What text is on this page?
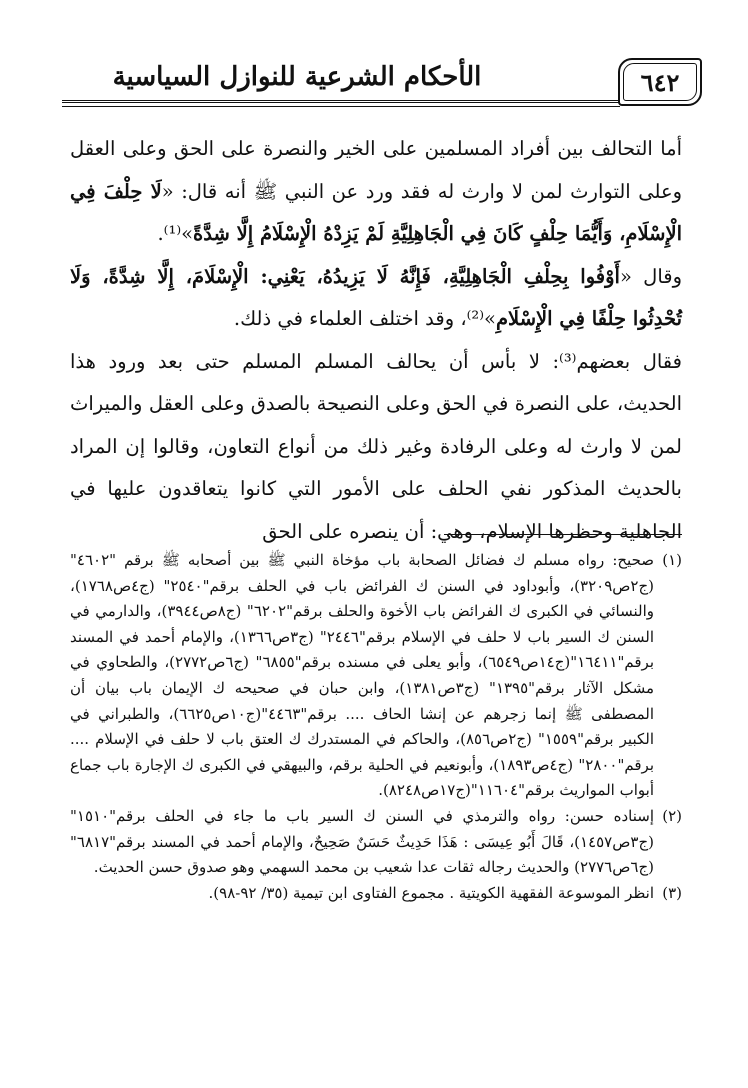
٦٤٢
الأحكام الشرعية للنوازل السياسية

أما التحالف بين أفراد المسلمين على الخير والنصرة على الحق وعلى العقل وعلى التوارث لمن لا وارث له فقد ورد عن النبي ﷺ أنه قال: «لَا حِلْفَ فِي الْإِسْلَامِ، وَأَيُّمَا حِلْفٍ كَانَ فِي الْجَاهِلِيَّةِ لَمْ يَزِدْهُ الْإِسْلَامُ إِلَّا شِدَّةً»⁽¹⁾.

وقال «أَوْفُوا بِحِلْفِ الْجَاهِلِيَّةِ، فَإِنَّهُ لَا يَزِيدُهُ، يَعْنِي: الْإِسْلَامَ، إِلَّا شِدَّةً، وَلَا تُحْدِثُوا حِلْفًا فِي الْإِسْلَامِ»⁽²⁾، وقد اختلف العلماء في ذلك.

فقال بعضهم⁽³⁾: لا بأس أن يحالف المسلم المسلم حتى بعد ورود هذا الحديث، على النصرة في الحق وعلى النصيحة بالصدق وعلى العقل والميراث لمن لا وارث له وعلى الرفادة وغير ذلك من أنواع التعاون، وقالوا إن المراد بالحديث المذكور نفي الحلف على الأمور التي كانوا يتعاقدون عليها في الجاهلية وحظرها الإسلام، وهي: أن ينصره على الحق

(١)
صحيح: رواه مسلم ك فضائل الصحابة باب مؤخاة النبي ﷺ بين أصحابه ﷺ برقم "٤٦٠٢" (ج٢ص٣٢٠٩)، وأبوداود في السنن ك الفرائض باب في الحلف برقم"٢٥٤٠" (ج٤ص١٧٦٨)، والنسائي في الكبرى ك الفرائض باب الأخوة والحلف برقم"٦٢٠٢" (ج٨ص٣٩٤٤)، والدارمي في السنن ك السير باب لا حلف في الإسلام برقم"٢٤٤٦" (ج٣ص١٣٦٦)، والإمام أحمد في المسند برقم"١٦٤١١"(ج١٤ص٦٥٤٩)، وأبو يعلى في مسنده برقم"٦٨٥٥" (ج٦ص٢٧٧٢)، والطحاوي في مشكل الآثار برقم"١٣٩٥" (ج٣ص١٣٨١)، وابن حبان في صحيحه ك الإيمان باب بيان أن المصطفى ﷺ إنما زجرهم عن إنشا الحاف .... برقم"٤٤٦٣"(ج١٠ص٦٦٢٥)، والطبراني في الكبير برقم"١٥٥٩" (ج٢ص٨٥٦)، والحاكم في المستدرك ك العتق باب لا حلف في الإسلام .... برقم"٢٨٠٠" (ج٤ص١٨٩٣)، وأبونعيم في الحلية برقم، والبيهقي في الكبرى ك الإجارة باب جماع أبواب المواريث برقم"١١٦٠٤"(ج١٧ص٨٢٤٨).

(٢)
إسناده حسن: رواه والترمذي في السنن ك السير باب ما جاء في الحلف برقم"١٥١٠" (ج٣ص١٤٥٧)، قَالَ أَبُو عِيسَى : هَذَا حَدِيثٌ حَسَنٌ صَحِيحٌ، والإمام أحمد في المسند برقم"٦٨١٧" (ج٦ص٢٧٧٦) والحديث رجاله ثقات عدا شعيب بن محمد السهمي وهو صدوق حسن الحديث.

(٣)
انظر الموسوعة الفقهية الكويتية . مجموع الفتاوى ابن تيمية (٣٥/ ٩٢-٩٨).
